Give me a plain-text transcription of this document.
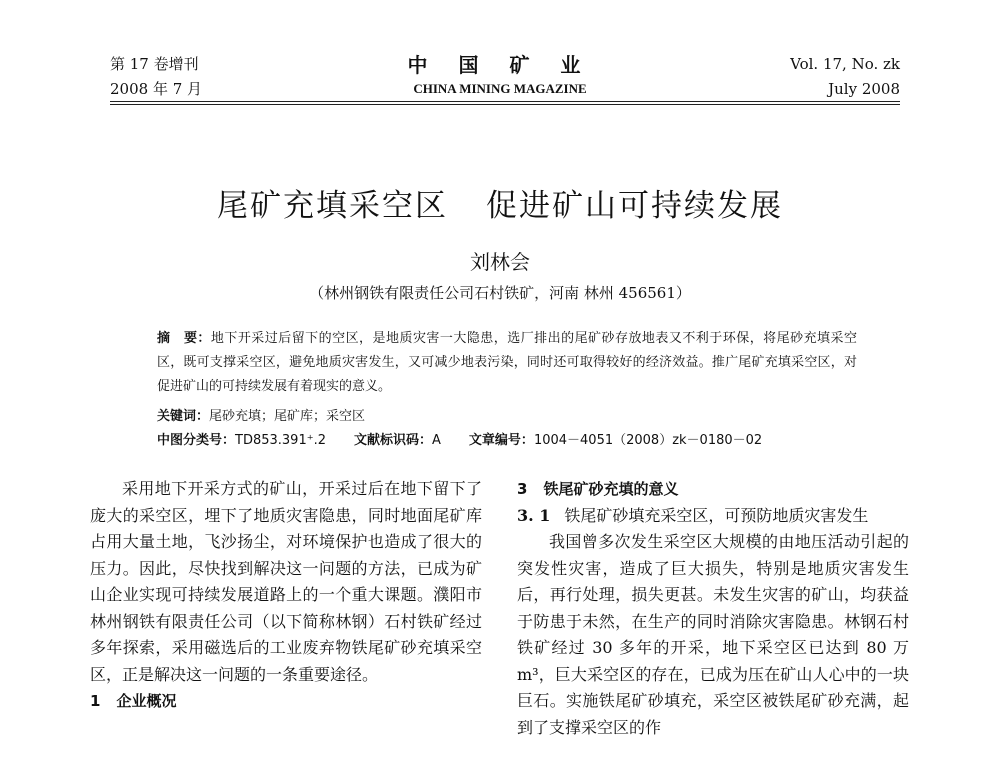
第 17 卷增刊
2008 年 7 月
中 国 矿 业
CHINA MINING MAGAZINE
Vol. 17, No. zk
July 2008
尾矿充填采空区 促进矿山可持续发展
刘林会
（林州钢铁有限责任公司石村铁矿，河南 林州 456561）
摘　要：地下开采过后留下的空区，是地质灾害一大隐患，选厂排出的尾矿砂存放地表又不利于环保，将尾砂充填采空区，既可支撑采空区，避免地质灾害发生，又可减少地表污染，同时还可取得较好的经济效益。推广尾矿充填采空区，对促进矿山的可持续发展有着现实的意义。
关键词：尾砂充填；尾矿库；采空区
中图分类号：TD853.391⁺.2 文献标识码：A 文章编号：1004－4051（2008）zk－0180－02

采用地下开采方式的矿山，开采过后在地下留下了庞大的采空区，埋下了地质灾害隐患，同时地面尾矿库占用大量土地，飞沙扬尘，对环境保护也造成了很大的压力。因此，尽快找到解决这一问题的方法，已成为矿山企业实现可持续发展道路上的一个重大课题。濮阳市林州钢铁有限责任公司（以下简称林钢）石村铁矿经过多年探索，采用磁选后的工业废弃物铁尾矿砂充填采空区，正是解决这一问题的一条重要途径。

1 企业概况

3 铁尾矿砂充填的意义

3. 1 铁尾矿砂填充采空区，可预防地质灾害发生

我国曾多次发生采空区大规模的由地压活动引起的突发性灾害，造成了巨大损失，特别是地质灾害发生后，再行处理，损失更甚。未发生灾害的矿山，均获益于防患于未然，在生产的同时消除灾害隐患。林钢石村铁矿经过 30 多年的开采，地下采空区已达到 80 万 m³，巨大采空区的存在，已成为压在矿山人心中的一块巨石。实施铁尾矿砂填充，采空区被铁尾矿砂充满，起到了支撑采空区的作
